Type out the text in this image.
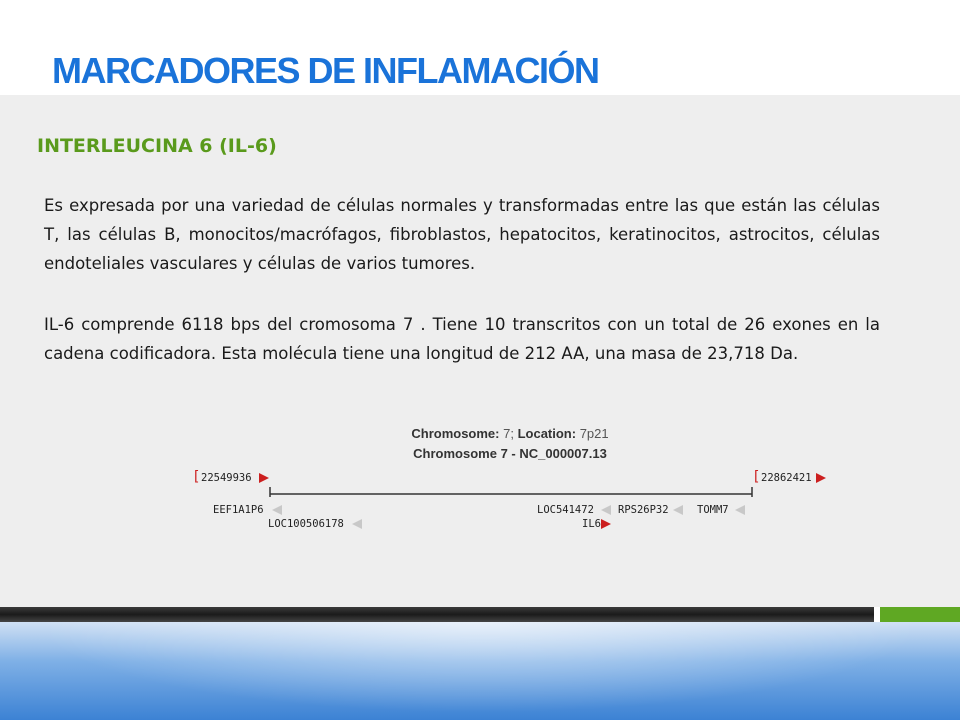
MARCADORES DE INFLAMACIÓN
INTERLEUCINA 6 (IL-6)

Es expresada por una variedad de células normales y transformadas entre las que están las células T, las células B, monocitos/macrófagos, fibroblastos, hepatocitos, keratinocitos, astrocitos, células endoteliales vasculares y células de varios tumores.

IL-6 comprende 6118 bps del cromosoma 7 . Tiene 10 transcritos con un total de 26 exones en la cadena codificadora. Esta molécula tiene una longitud de 212 AA, una masa de 23,718 Da.

Chromosome: 7; Location: 7p21
Chromosome 7 - NC_000007.13
[ 22549936	[ 22862421
EEF1A1P6	LOC541472 RPS26P32	TOMM7
LOC100506178	IL6
